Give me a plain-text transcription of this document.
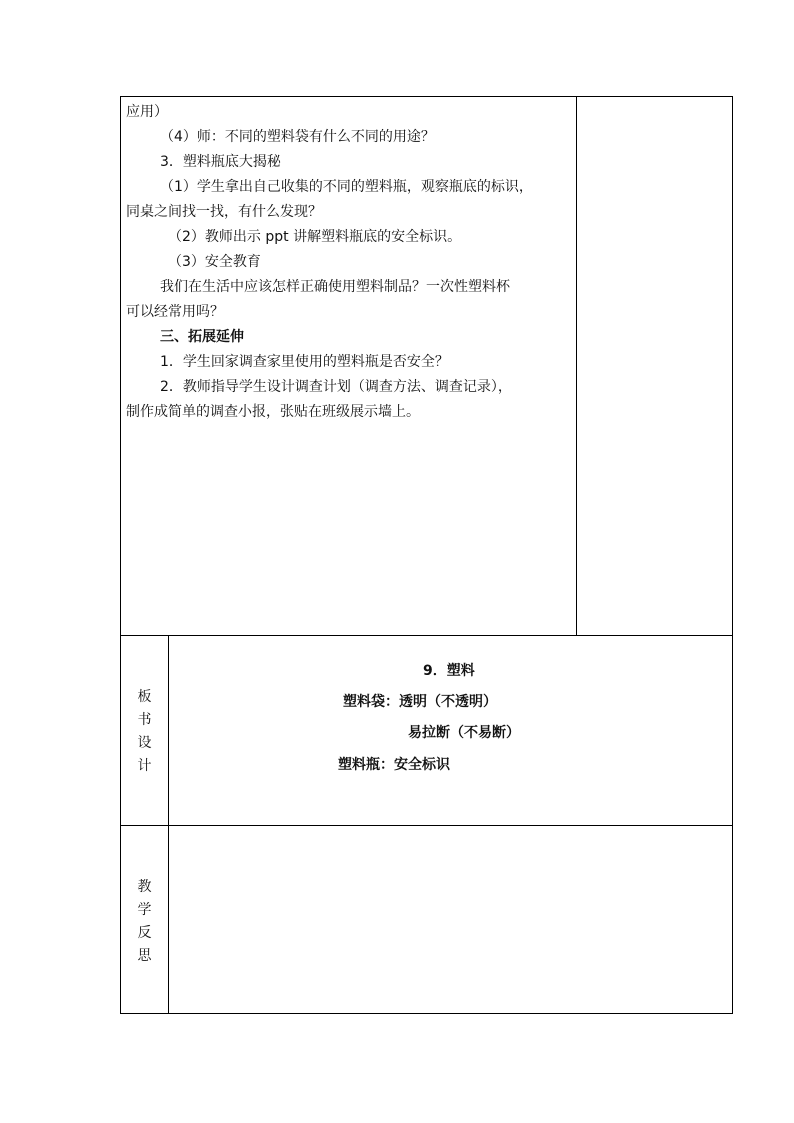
应用）

（4）师：不同的塑料袋有什么不同的用途？

3．塑料瓶底大揭秘

（1）学生拿出自己收集的不同的塑料瓶，观察瓶底的标识，

同桌之间找一找，有什么发现？

（2）教师出示 ppt 讲解塑料瓶底的安全标识。

（3）安全教育

我们在生活中应该怎样正确使用塑料制品？一次性塑料杯

可以经常用吗？

三、拓展延伸

1．学生回家调查家里使用的塑料瓶是否安全？

2．教师指导学生设计调查计划（调查方法、调查记录），

制作成简单的调查小报，张贴在班级展示墙上。

板
书
设
计
9．塑料
塑料袋：透明（不透明）
易拉断（不易断）
塑料瓶：安全标识
教
学
反
思
